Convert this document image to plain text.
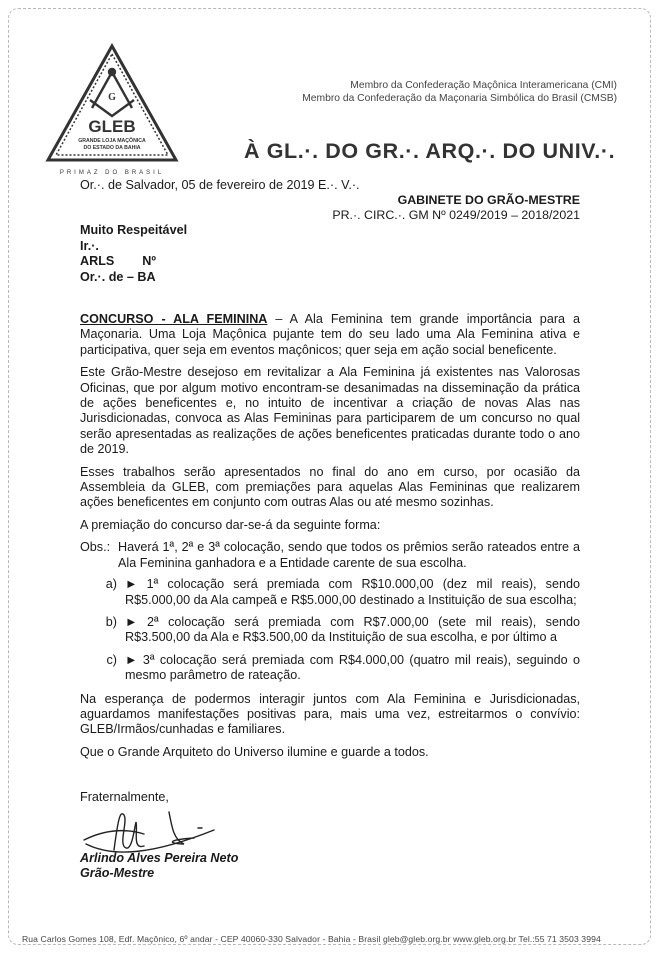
G
GLEB
GRANDE LOJA MAÇÔNICA
DO ESTADO DA BAHIA
PRIMAZ DO BRASIL
Membro da Confederação Maçônica Interamericana (CMI)
Membro da Confederação da Maçonaria Simbólica do Brasil (CMSB)
À GL.·. DO GR.·. ARQ.·. DO UNIV.·.
Or.·. de Salvador, 05 de fevereiro de 2019 E.·. V.·.
GABINETE DO GRÃO-MESTRE
PR.·. CIRC.·. GM Nº 0249/2019 – 2018/2021
Muito Respeitável
Ir.·.
ARLS        Nº
Or.·. de – BA

CONCURSO - ALA FEMININA – A Ala Feminina tem grande importância para a Maçonaria. Uma Loja Maçônica pujante tem do seu lado uma Ala Feminina ativa e participativa, quer seja em eventos maçônicos; quer seja em ação social beneficente.

Este Grão-Mestre desejoso em revitalizar a Ala Feminina já existentes nas Valorosas Oficinas, que por algum motivo encontram-se desanimadas na disseminação da prática de ações beneficentes e, no intuito de incentivar a criação de novas Alas nas Jurisdicionadas, convoca as Alas Femininas para participarem de um concurso no qual serão apresentadas as realizações de ações beneficentes praticadas durante todo o ano de 2019.

Esses trabalhos serão apresentados no final do ano em curso, por ocasião da Assembleia da GLEB, com premiações para aquelas Alas Femininas que realizarem ações beneficentes em conjunto com outras Alas ou até mesmo sozinhas.

A premiação do concurso dar-se-á da seguinte forma:

Obs.: Haverá 1ª, 2ª e 3ª colocação, sendo que todos os prêmios serão rateados entre a Ala Feminina ganhadora e a Entidade carente de sua escolha.
a) ► 1ª colocação será premiada com R$10.000,00 (dez mil reais), sendo R$5.000,00 da Ala campeã e R$5.000,00 destinado a Instituição de sua escolha;
b) ► 2ª colocação será premiada com R$7.000,00 (sete mil reais), sendo R$3.500,00 da Ala e R$3.500,00 da Instituição de sua escolha, e por último a
c) ► 3ª colocação será premiada com R$4.000,00 (quatro mil reais), seguindo o mesmo parâmetro de rateação.

Na esperança de podermos interagir juntos com Ala Feminina e Jurisdicionadas, aguardamos manifestações positivas para, mais uma vez, estreitarmos o convívio: GLEB/Irmãos/cunhadas e familiares.

Que o Grande Arquiteto do Universo ilumine e guarde a todos.

Fraternalmente,
Arlindo Alves Pereira Neto
Grão-Mestre
Rua Carlos Gomes 108, Edf. Maçônico, 6º andar - CEP 40060-330 Salvador - Bahia - Brasil gleb@gleb.org.br www.gleb.org.br Tel.:55 71 3503 3994
